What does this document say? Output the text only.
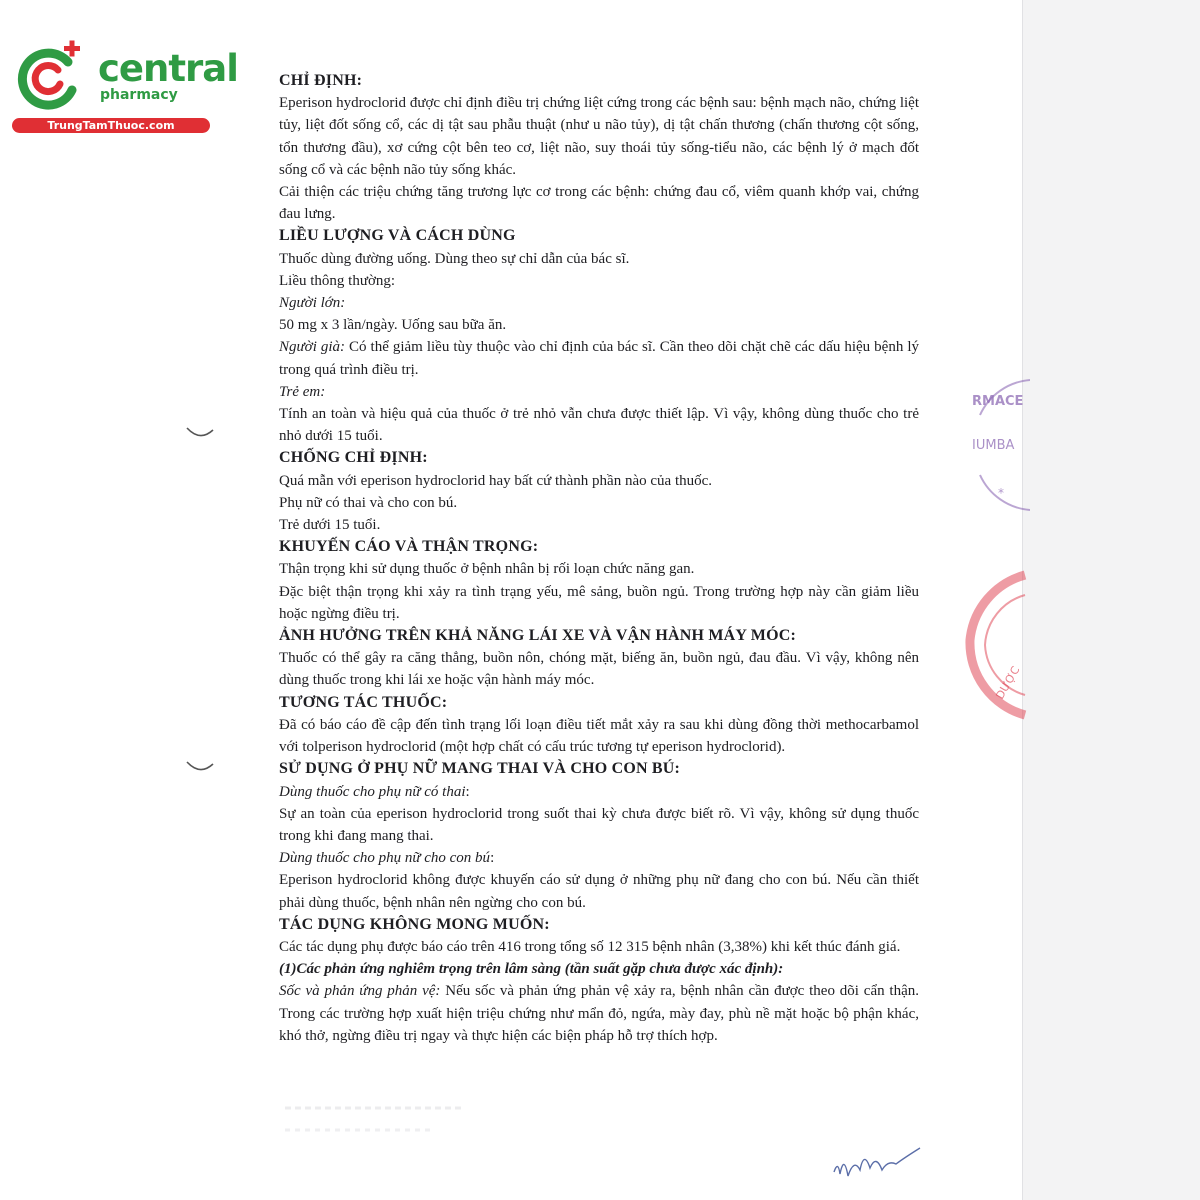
central
pharmacy
TrungTamThuoc.com

CHỈ ĐỊNH:

Eperison hydroclorid được chỉ định điều trị chứng liệt cứng trong các bệnh sau: bệnh mạch não, chứng liệt tủy, liệt đốt sống cổ, các dị tật sau phẫu thuật (như u não tủy), dị tật chấn thương (chấn thương cột sống, tổn thương đầu), xơ cứng cột bên teo cơ, liệt não, suy thoái tủy sống-tiểu não, các bệnh lý ở mạch đốt sống cổ và các bệnh não tủy sống khác.

Cải thiện các triệu chứng tăng trương lực cơ trong các bệnh: chứng đau cổ, viêm quanh khớp vai, chứng đau lưng.

LIỀU LƯỢNG VÀ CÁCH DÙNG

Thuốc dùng đường uống. Dùng theo sự chỉ dẫn của bác sĩ.

Liều thông thường:

Người lớn:

50 mg x 3 lần/ngày. Uống sau bữa ăn.

Người già: Có thể giảm liều tùy thuộc vào chỉ định của bác sĩ. Cần theo dõi chặt chẽ các dấu hiệu bệnh lý trong quá trình điều trị.

Trẻ em:

Tính an toàn và hiệu quả của thuốc ở trẻ nhỏ vẫn chưa được thiết lập. Vì vậy, không dùng thuốc cho trẻ nhỏ dưới 15 tuổi.

CHỐNG CHỈ ĐỊNH:

Quá mẫn với eperison hydroclorid hay bất cứ thành phần nào của thuốc.

Phụ nữ có thai và cho con bú.

Trẻ dưới 15 tuổi.

KHUYẾN CÁO VÀ THẬN TRỌNG:

Thận trọng khi sử dụng thuốc ở bệnh nhân bị rối loạn chức năng gan.

Đặc biệt thận trọng khi xảy ra tình trạng yếu, mê sảng, buồn ngủ. Trong trường hợp này cần giảm liều hoặc ngừng điều trị.

ẢNH HƯỞNG TRÊN KHẢ NĂNG LÁI XE VÀ VẬN HÀNH MÁY MÓC:

Thuốc có thể gây ra căng thẳng, buồn nôn, chóng mặt, biếng ăn, buồn ngủ, đau đầu. Vì vậy, không nên dùng thuốc trong khi lái xe hoặc vận hành máy móc.

TƯƠNG TÁC THUỐC:

Đã có báo cáo đề cập đến tình trạng lối loạn điều tiết mắt xảy ra sau khi dùng đồng thời methocarbamol với tolperison hydroclorid (một hợp chất có cấu trúc tương tự eperison hydroclorid).

SỬ DỤNG Ở PHỤ NỮ MANG THAI VÀ CHO CON BÚ:

Dùng thuốc cho phụ nữ có thai:

Sự an toàn của eperison hydroclorid trong suốt thai kỳ chưa được biết rõ. Vì vậy, không sử dụng thuốc trong khi đang mang thai.

Dùng thuốc cho phụ nữ cho con bú:

Eperison hydroclorid không được khuyến cáo sử dụng ở những phụ nữ đang cho con bú. Nếu cần thiết phải dùng thuốc, bệnh nhân nên ngừng cho con bú.

TÁC DỤNG KHÔNG MONG MUỐN:

Các tác dụng phụ được báo cáo trên 416 trong tổng số 12 315 bệnh nhân (3,38%) khi kết thúc đánh giá.

(1)Các phản ứng nghiêm trọng trên lâm sàng (tần suất gặp chưa được xác định):

Sốc và phản ứng phản vệ: Nếu sốc và phản ứng phản vệ xảy ra, bệnh nhân cần được theo dõi cẩn thận. Trong các trường hợp xuất hiện triệu chứng như mẩn đỏ, ngứa, mày đay, phù nề mặt hoặc bộ phận khác, khó thở, ngừng điều trị ngay và thực hiện các biện pháp hỗ trợ thích hợp.

RMACE
IUMBA
*
DƯỢC
